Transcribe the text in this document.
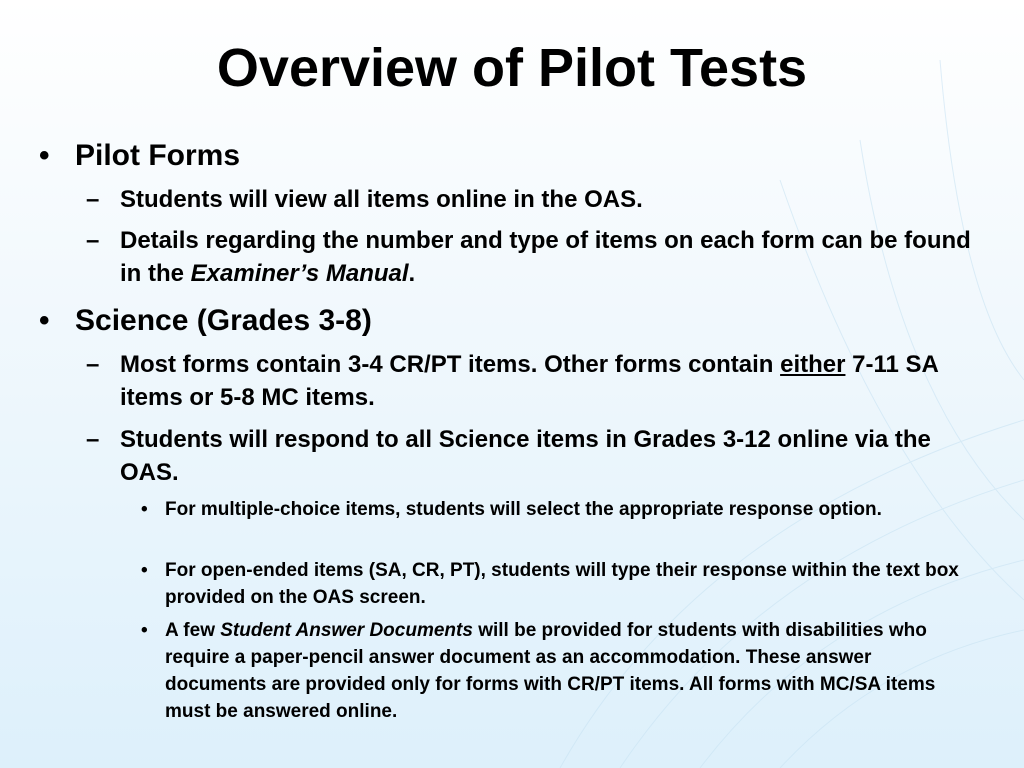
Overview of Pilot Tests
• Pilot Forms
– Students will view all items online in the OAS.
– Details regarding the number and type of items on each form can be found in the Examiner’s Manual.
• Science (Grades 3-8)
– Most forms contain 3-4 CR/PT items. Other forms contain either 7-11 SA items or 5-8 MC items.
– Students will respond to all Science items in Grades 3-12 online via the OAS.
• For multiple-choice items, students will select the appropriate response option.
• For open-ended items (SA, CR, PT), students will type their response within the text box provided on the OAS screen.
• A few Student Answer Documents will be provided for students with disabilities who require a paper-pencil answer document as an accommodation. These answer documents are provided only for forms with CR/PT items. All forms with MC/SA items must be answered online.
